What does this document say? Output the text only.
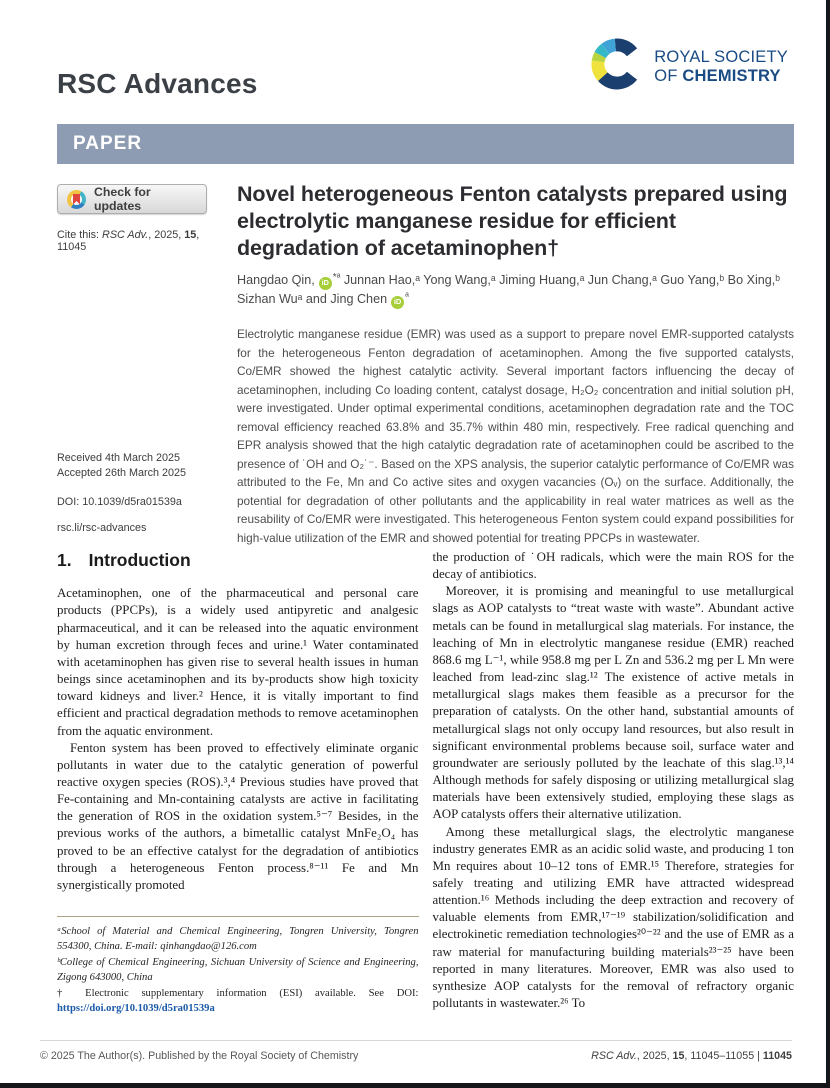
RSC Advances
ROYAL SOCIETY
OF CHEMISTRY
PAPER
Check for updates
Cite this: RSC Adv., 2025, 15, 11045
Received 4th March 2025
Accepted 26th March 2025
DOI: 10.1039/d5ra01539a
rsc.li/rsc-advances
Novel heterogeneous Fenton catalysts prepared using electrolytic manganese residue for efficient degradation of acetaminophen†
Hangdao Qin, iD $^{*ᵃ}$ Junnan Hao,ᵃ Yong Wang,ᵃ Jiming Huang,ᵃ Jun Chang,ᵃ Guo Yang,ᵇ Bo Xing,ᵇ Sizhan Wuᵃ and Jing Chen iD $^ᵃ$

Electrolytic manganese residue (EMR) was used as a support to prepare novel EMR-supported catalysts for the heterogeneous Fenton degradation of acetaminophen. Among the five supported catalysts, Co/EMR showed the highest catalytic activity. Several important factors influencing the decay of acetaminophen, including Co loading content, catalyst dosage, H₂O₂ concentration and initial solution pH, were investigated. Under optimal experimental conditions, acetaminophen degradation rate and the TOC removal efficiency reached 63.8% and 35.7% within 480 min, respectively. Free radical quenching and EPR analysis showed that the high catalytic degradation rate of acetaminophen could be ascribed to the presence of ˙OH and O₂˙⁻. Based on the XPS analysis, the superior catalytic performance of Co/EMR was attributed to the Fe, Mn and Co active sites and oxygen vacancies (Oᵥ) on the surface. Additionally, the potential for degradation of other pollutants and the applicability in real water matrices as well as the reusability of Co/EMR were investigated. This heterogeneous Fenton system could expand possibilities for high-value utilization of the EMR and showed potential for treating PPCPs in wastewater.

1. Introduction

Acetaminophen, one of the pharmaceutical and personal care products (PPCPs), is a widely used antipyretic and analgesic pharmaceutical, and it can be released into the aquatic environment by human excretion through feces and urine.¹ Water contaminated with acetaminophen has given rise to several health issues in human beings since acetaminophen and its by-products show high toxicity toward kidneys and liver.² Hence, it is vitally important to find efficient and practical degradation methods to remove acetaminophen from the aquatic environment.

Fenton system has been proved to effectively eliminate organic pollutants in water due to the catalytic generation of powerful reactive oxygen species (ROS).³,⁴ Previous studies have proved that Fe-containing and Mn-containing catalysts are active in facilitating the generation of ROS in the oxidation system.⁵⁻⁷ Besides, in the previous works of the authors, a bimetallic catalyst MnFe₂O₄ has proved to be an effective catalyst for the degradation of antibiotics through a heterogeneous Fenton process.⁸⁻¹¹ Fe and Mn synergistically promoted

ᵃSchool of Material and Chemical Engineering, Tongren University, Tongren 554300, China. E-mail: qinhangdao@126.com

ᵇCollege of Chemical Engineering, Sichuan University of Science and Engineering, Zigong 643000, China

† Electronic supplementary information (ESI) available. See DOI: https://doi.org/10.1039/d5ra01539a

the production of ˙OH radicals, which were the main ROS for the decay of antibiotics.

Moreover, it is promising and meaningful to use metallurgical slags as AOP catalysts to “treat waste with waste”. Abundant active metals can be found in metallurgical slag materials. For instance, the leaching of Mn in electrolytic manganese residue (EMR) reached 868.6 mg L⁻¹, while 958.8 mg per L Zn and 536.2 mg per L Mn were leached from lead-zinc slag.¹² The existence of active metals in metallurgical slags makes them feasible as a precursor for the preparation of catalysts. On the other hand, substantial amounts of metallurgical slags not only occupy land resources, but also result in significant environmental problems because soil, surface water and groundwater are seriously polluted by the leachate of this slag.¹³,¹⁴ Although methods for safely disposing or utilizing metallurgical slag materials have been extensively studied, employing these slags as AOP catalysts offers their alternative utilization.

Among these metallurgical slags, the electrolytic manganese industry generates EMR as an acidic solid waste, and producing 1 ton Mn requires about 10–12 tons of EMR.¹⁵ Therefore, strategies for safely treating and utilizing EMR have attracted widespread attention.¹⁶ Methods including the deep extraction and recovery of valuable elements from EMR,¹⁷⁻¹⁹ stabilization/solidification and electrokinetic remediation technologies²⁰⁻²² and the use of EMR as a raw material for manufacturing building materials²³⁻²⁵ have been reported in many literatures. Moreover, EMR was also used to synthesize AOP catalysts for the removal of refractory organic pollutants in wastewater.²⁶ To

© 2025 The Author(s). Published by the Royal Society of Chemistry	RSC Adv., 2025, 15, 11045–11055 | 11045
